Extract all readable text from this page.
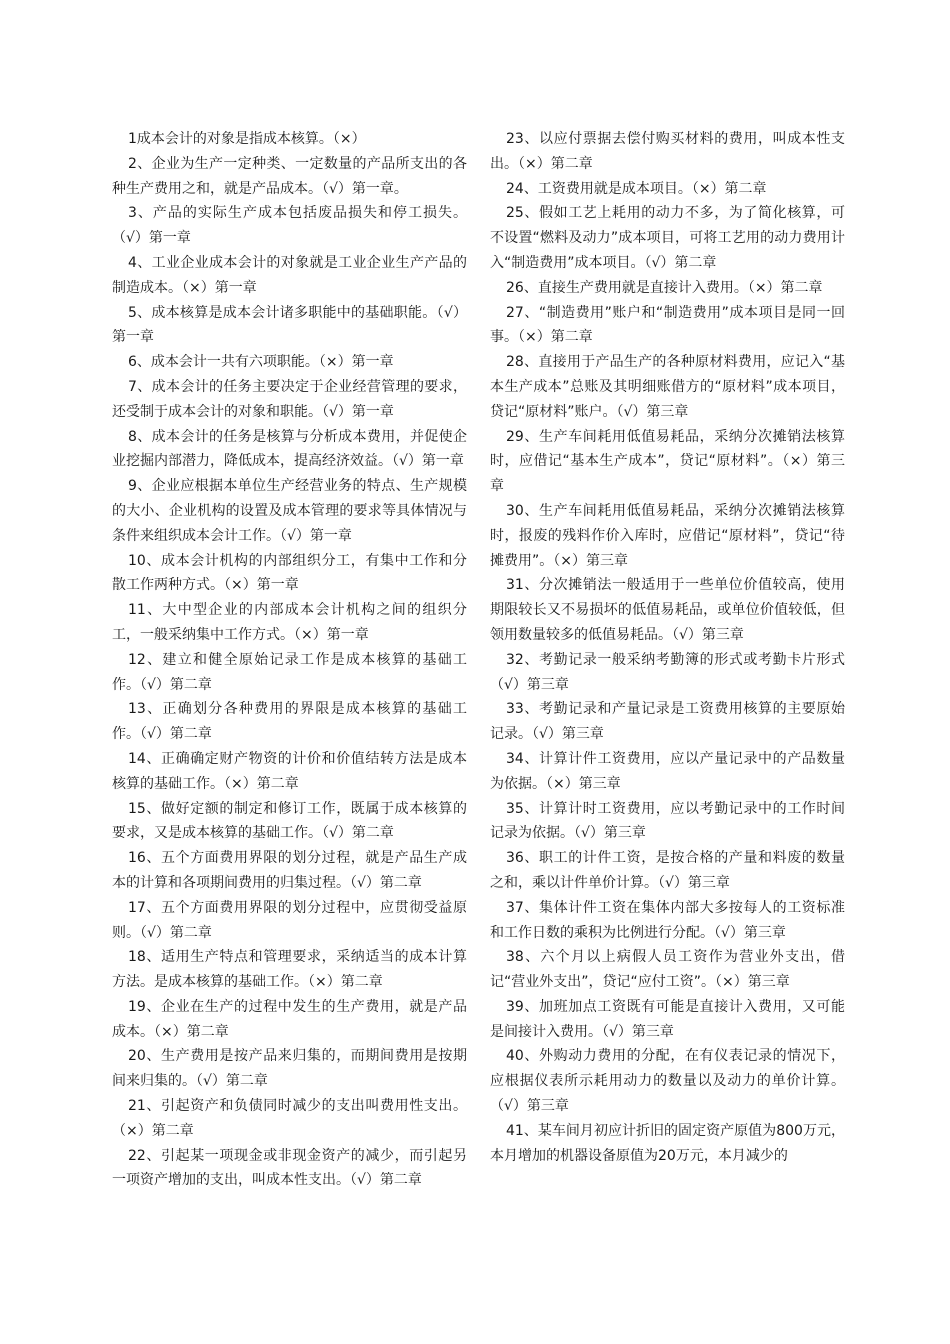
1成本会计的对象是指成本核算。（×）

2、企业为生产一定种类、一定数量的产品所支出的各种生产费用之和，就是产品成本。（√）第一章。

3、产品的实际生产成本包括废品损失和停工损失。（√）第一章

4、工业企业成本会计的对象就是工业企业生产产品的制造成本。（×）第一章

5、成本核算是成本会计诸多职能中的基础职能。（√）第一章

6、成本会计一共有六项职能。（×）第一章

7、成本会计的任务主要决定于企业经营管理的要求，还受制于成本会计的对象和职能。（√）第一章

8、成本会计的任务是核算与分析成本费用，并促使企业挖掘内部潜力，降低成本，提高经济效益。（√）第一章

9、企业应根据本单位生产经营业务的特点、生产规模的大小、企业机构的设置及成本管理的要求等具体情况与条件来组织成本会计工作。（√）第一章

10、成本会计机构的内部组织分工，有集中工作和分散工作两种方式。（×）第一章

11、大中型企业的内部成本会计机构之间的组织分工，一般采纳集中工作方式。（×）第一章

12、建立和健全原始记录工作是成本核算的基础工作。（√）第二章

13、正确划分各种费用的界限是成本核算的基础工作。（√）第二章

14、正确确定财产物资的计价和价值结转方法是成本核算的基础工作。（×）第二章

15、做好定额的制定和修订工作，既属于成本核算的要求，又是成本核算的基础工作。（√）第二章

16、五个方面费用界限的划分过程，就是产品生产成本的计算和各项期间费用的归集过程。（√）第二章

17、五个方面费用界限的划分过程中，应贯彻受益原则。（√）第二章

18、适用生产特点和管理要求，采纳适当的成本计算方法。是成本核算的基础工作。（×）第二章

19、企业在生产的过程中发生的生产费用，就是产品成本。（×）第二章

20、生产费用是按产品来归集的，而期间费用是按期间来归集的。（√）第二章

21、引起资产和负债同时减少的支出叫费用性支出。（×）第二章

22、引起某一项现金或非现金资产的减少，而引起另一项资产增加的支出，叫成本性支出。（√）第二章

23、以应付票据去偿付购买材料的费用，叫成本性支出。（×）第二章

24、工资费用就是成本项目。（×）第二章

25、假如工艺上耗用的动力不多，为了简化核算，可不设置“燃料及动力”成本项目，可将工艺用的动力费用计入“制造费用”成本项目。（√）第二章

26、直接生产费用就是直接计入费用。（×）第二章

27、“制造费用”账户和“制造费用”成本项目是同一回事。（×）第二章

28、直接用于产品生产的各种原材料费用，应记入“基本生产成本”总账及其明细账借方的“原材料”成本项目，贷记“原材料”账户。（√）第三章

29、生产车间耗用低值易耗品，采纳分次摊销法核算时，应借记“基本生产成本”，贷记“原材料”。（×）第三章

30、生产车间耗用低值易耗品，采纳分次摊销法核算时，报废的残料作价入库时，应借记“原材料”，贷记“待摊费用”。（×）第三章

31、分次摊销法一般适用于一些单位价值较高，使用期限较长又不易损坏的低值易耗品，或单位价值较低，但领用数量较多的低值易耗品。（√）第三章

32、考勤记录一般采纳考勤簿的形式或考勤卡片形式（√）第三章

33、考勤记录和产量记录是工资费用核算的主要原始记录。（√）第三章

34、计算计件工资费用，应以产量记录中的产品数量为依据。（×）第三章

35、计算计时工资费用，应以考勤记录中的工作时间记录为依据。（√）第三章

36、职工的计件工资，是按合格的产量和料废的数量之和，乘以计件单价计算。（√）第三章

37、集体计件工资在集体内部大多按每人的工资标准和工作日数的乘积为比例进行分配。（√）第三章

38、六个月以上病假人员工资作为营业外支出，借记“营业外支出”，贷记“应付工资”。（×）第三章

39、加班加点工资既有可能是直接计入费用，又可能是间接计入费用。（√）第三章

40、外购动力费用的分配，在有仪表记录的情况下，应根据仪表所示耗用动力的数量以及动力的单价计算。（√）第三章

41、某车间月初应计折旧的固定资产原值为800万元，本月增加的机器设备原值为20万元，本月减少的
